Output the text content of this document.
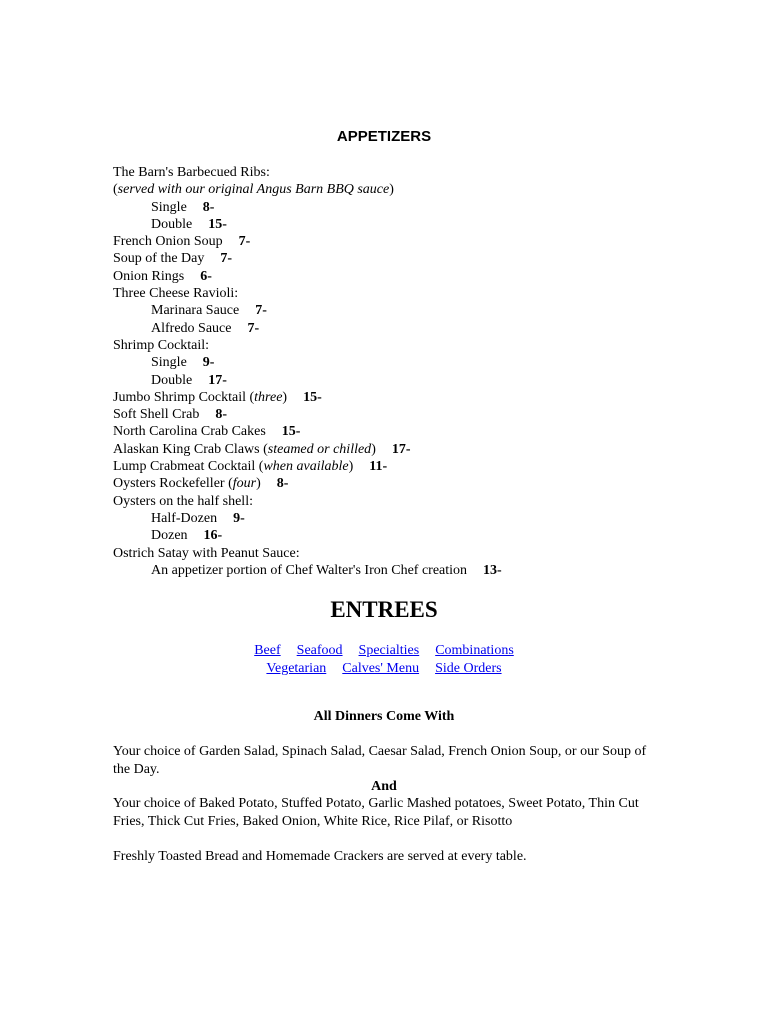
APPETIZERS
The Barn's Barbecued Ribs:
(served with our original Angus Barn BBQ sauce)
Single 8-
Double 15-
French Onion Soup 7-
Soup of the Day 7-
Onion Rings 6-
Three Cheese Ravioli:
Marinara Sauce 7-
Alfredo Sauce 7-
Shrimp Cocktail:
Single 9-
Double 17-
Jumbo Shrimp Cocktail (three) 15-
Soft Shell Crab 8-
North Carolina Crab Cakes 15-
Alaskan King Crab Claws (steamed or chilled) 17-
Lump Crabmeat Cocktail (when available) 11-
Oysters Rockefeller (four) 8-
Oysters on the half shell:
Half-Dozen 9-
Dozen 16-
Ostrich Satay with Peanut Sauce:
An appetizer portion of Chef Walter's Iron Chef creation 13-
ENTREES
Beef Seafood Specialties Combinations
Vegetarian Calves' Menu Side Orders
All Dinners Come With
Your choice of Garden Salad, Spinach Salad, Caesar Salad, French Onion Soup, or our Soup of the Day.
And
Your choice of Baked Potato, Stuffed Potato, Garlic Mashed potatoes, Sweet Potato, Thin Cut Fries, Thick Cut Fries, Baked Onion, White Rice, Rice Pilaf, or Risotto
Freshly Toasted Bread and Homemade Crackers are served at every table.
